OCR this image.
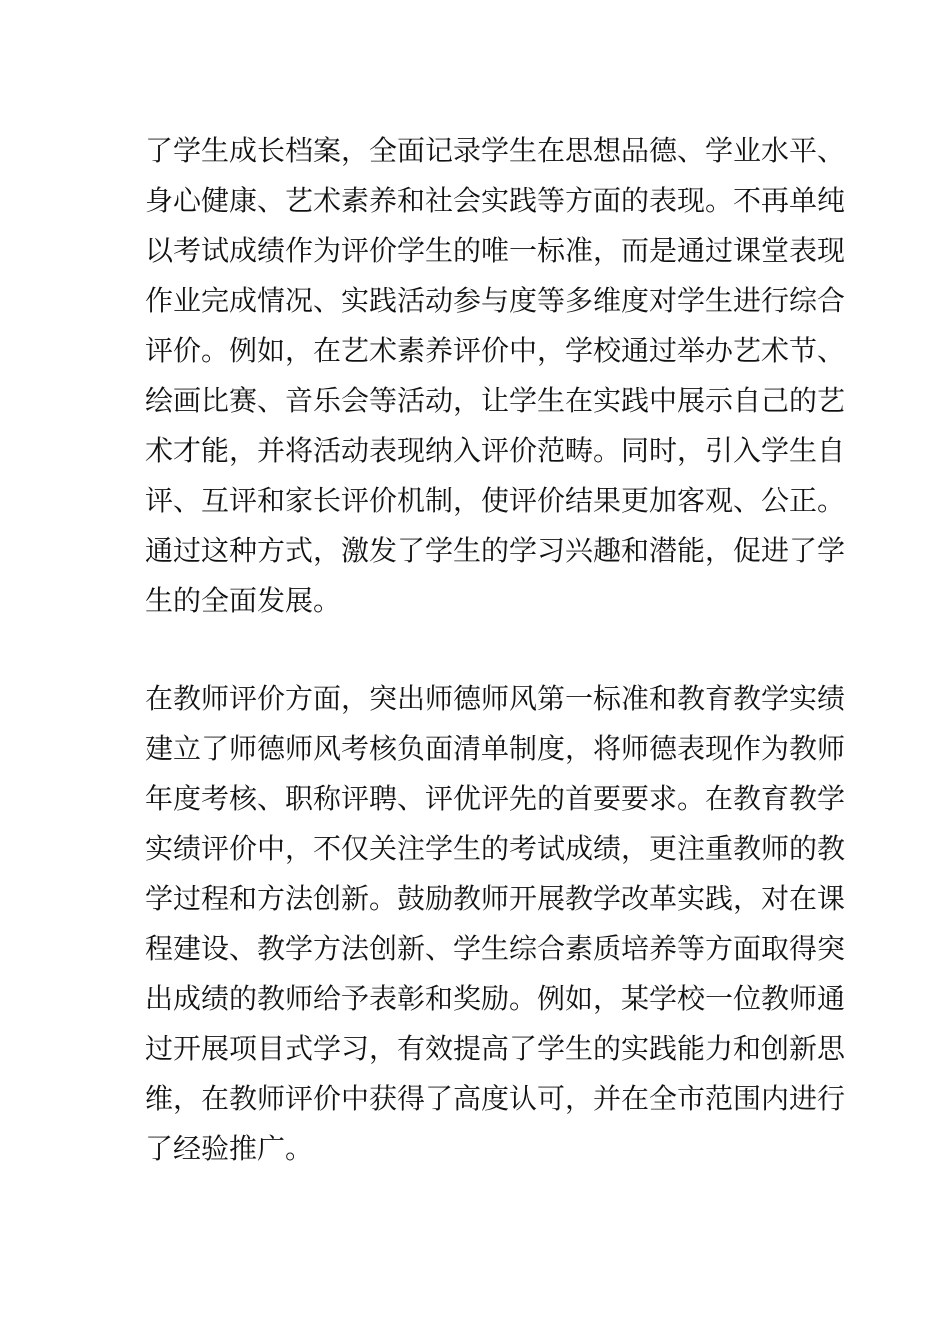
了学生成长档案，全面记录学生在思想品德、学业水平、
身心健康、艺术素养和社会实践等方面的表现。不再单纯
以考试成绩作为评价学生的唯一标准，而是通过课堂表现
作业完成情况、实践活动参与度等多维度对学生进行综合
评价。例如，在艺术素养评价中，学校通过举办艺术节、
绘画比赛、音乐会等活动，让学生在实践中展示自己的艺
术才能，并将活动表现纳入评价范畴。同时，引入学生自
评、互评和家长评价机制，使评价结果更加客观、公正。
通过这种方式，激发了学生的学习兴趣和潜能，促进了学
生的全面发展。

在教师评价方面，突出师德师风第一标准和教育教学实绩
建立了师德师风考核负面清单制度，将师德表现作为教师
年度考核、职称评聘、评优评先的首要要求。在教育教学
实绩评价中，不仅关注学生的考试成绩，更注重教师的教
学过程和方法创新。鼓励教师开展教学改革实践，对在课
程建设、教学方法创新、学生综合素质培养等方面取得突
出成绩的教师给予表彰和奖励。例如，某学校一位教师通
过开展项目式学习，有效提高了学生的实践能力和创新思
维，在教师评价中获得了高度认可，并在全市范围内进行
了经验推广。
